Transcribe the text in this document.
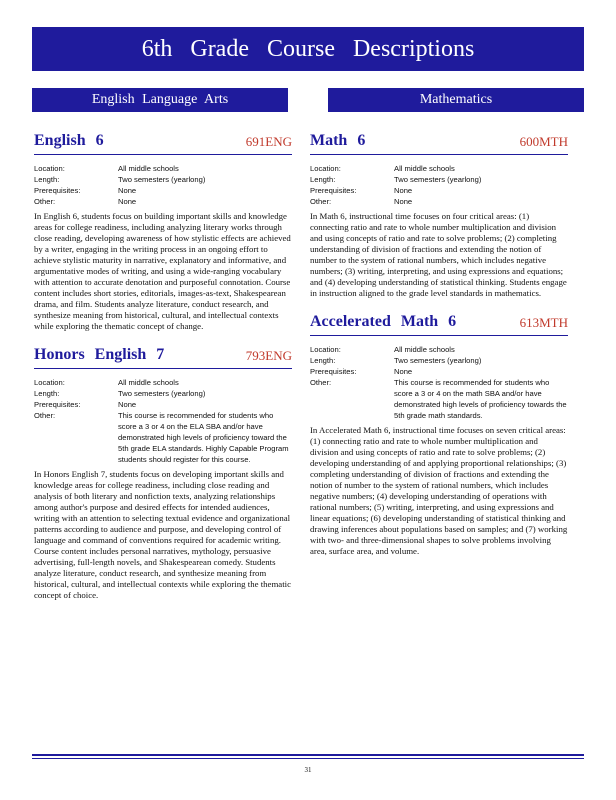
6th Grade Course Descriptions
English Language Arts	Mathematics
English 6	691ENG
Location:	All middle schools
Length:	Two semesters (yearlong)
Prerequisites:	None
Other:	None
In English 6, students focus on building important skills and knowledge areas for college readiness, including analyzing literary works through close reading, developing awareness of how stylistic effects are achieved by a writer, engaging in the writing process in an ongoing effort to achieve stylistic maturity in narrative, explanatory and informative, and argumentative modes of writing, and using a wide-ranging vocabulary with attention to accurate denotation and purposeful connotation. Course content includes short stories, editorials, images-as-text, Shakespearean drama, and film. Students analyze literature, conduct research, and synthesize meaning from historical, cultural, and intellectual contexts while exploring the thematic concept of change.
Honors English 7	793ENG
Location:	All middle schools
Length:	Two semesters (yearlong)
Prerequisites:	None
Other:	This course is recommended for students who score a 3 or 4 on the ELA SBA and/or have demonstrated high levels of proficiency toward the 5th grade ELA standards. Highly Capable Program students should register for this course.
In Honors English 7, students focus on developing important skills and knowledge areas for college readiness, including close reading and analysis of both literary and nonfiction texts, analyzing relationships among author's purpose and desired effects for intended audiences, writing with an attention to selecting textual evidence and organizational patterns according to audience and purpose, and developing control of language and command of conventions required for academic writing. Course content includes personal narratives, mythology, persuasive advertising, full-length novels, and Shakespearean comedy. Students analyze literature, conduct research, and synthesize meaning from historical, cultural, and intellectual contexts while exploring the thematic concept of choice.
Math 6	600MTH
Location:	All middle schools
Length:	Two semesters (yearlong)
Prerequisites:	None
Other:	None
In Math 6, instructional time focuses on four critical areas: (1) connecting ratio and rate to whole number multiplication and division and using concepts of ratio and rate to solve problems; (2) completing understanding of division of fractions and extending the notion of number to the system of rational numbers, which includes negative numbers; (3) writing, interpreting, and using expressions and equations; and (4) developing understanding of statistical thinking. Students engage in instruction aligned to the grade level standards in mathematics.
Accelerated Math 6	613MTH
Location:	All middle schools
Length:	Two semesters (yearlong)
Prerequisites:	None
Other:	This course is recommended for students who score a 3 or 4 on the math SBA and/or have demonstrated high levels of proficiency towards the 5th grade math standards.
In Accelerated Math 6, instructional time focuses on seven critical areas: (1) connecting ratio and rate to whole number multiplication and division and using concepts of ratio and rate to solve problems; (2) developing understanding of and applying proportional relationships; (3) completing understanding of division of fractions and extending the notion of number to the system of rational numbers, which includes negative numbers; (4) developing understanding of operations with rational numbers; (5) writing, interpreting, and using expressions and linear equations; (6) developing understanding of statistical thinking and drawing inferences about populations based on samples; and (7) working with two- and three-dimensional shapes to solve problems involving area, surface area, and volume.
31
